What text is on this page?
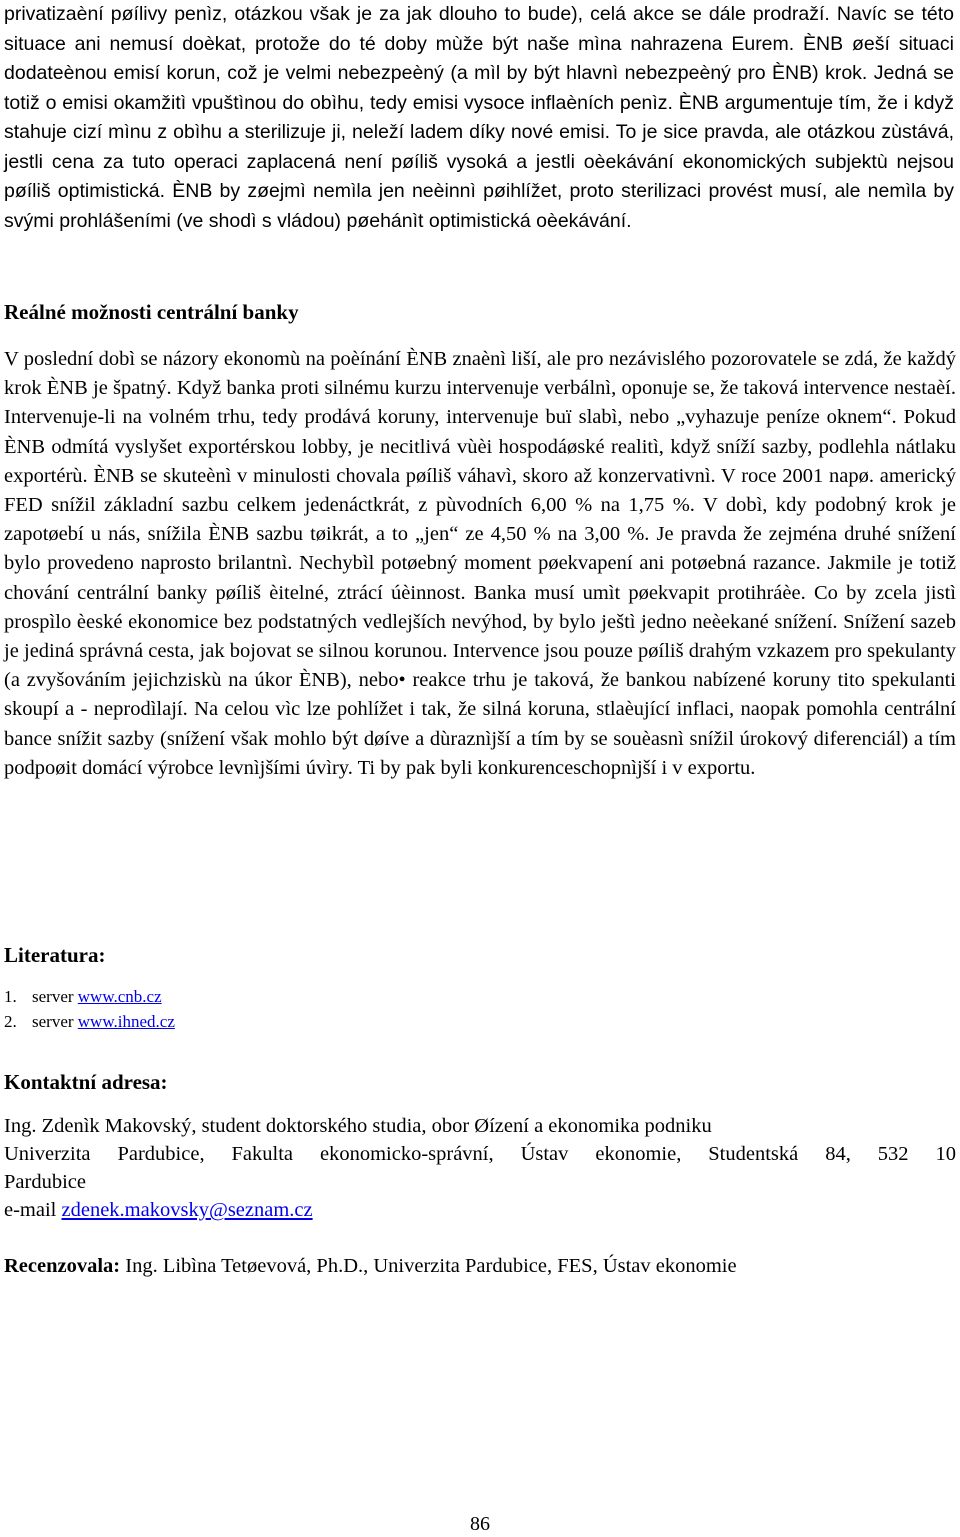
privatizaèní pøílivy penìz, otázkou však je za jak dlouho to bude), celá akce se dále prodraží. Navíc se této situace ani nemusí doèkat, protože do té doby mùže být naše mìna nahrazena Eurem. ÈNB øeší situaci dodateènou emisí korun, což je velmi nebezpeèný (a mìl by být hlavnì nebezpeèný pro ÈNB) krok. Jedná se totiž o emisi okamžitì vpuštìnou do obìhu, tedy emisi vysoce inflaèních penìz. ÈNB argumentuje tím, že i když stahuje cizí mìnu z obìhu a sterilizuje ji, neleží ladem díky nové emisi. To je sice pravda, ale otázkou zùstává, jestli cena za tuto operaci zaplacená není pøíliš vysoká a jestli oèekávání ekonomických subjektù nejsou pøíliš optimistická. ÈNB by zøejmì nemìla jen neèinnì pøihlížet, proto sterilizaci provést musí, ale nemìla by svými prohlášeními (ve shodì s vládou) pøehánìt optimistická oèekávání.

Reálné možnosti centrální banky

V poslední dobì se názory ekonomù na poèínání ÈNB znaènì liší, ale pro nezávislého pozorovatele se zdá, že každý krok ÈNB je špatný. Když banka proti silnému kurzu intervenuje verbálnì, oponuje se, že taková intervence nestaèí. Intervenuje-li na volném trhu, tedy prodává koruny, intervenuje buï slabì, nebo „vyhazuje peníze oknem“. Pokud ÈNB odmítá vyslyšet exportérskou lobby, je necitlivá vùèi hospodáøské realitì, když sníží sazby, podlehla nátlaku exportérù. ÈNB se skuteènì v minulosti chovala pøíliš váhavì, skoro až konzervativnì. V roce 2001 napø. americký FED snížil základní sazbu celkem jedenáctkrát, z pùvodních 6,00 % na 1,75 %. V dobì, kdy podobný krok je zapotøebí u nás, snížila ÈNB sazbu tøikrát, a to „jen“ ze 4,50 % na 3,00 %. Je pravda že zejména druhé snížení bylo provedeno naprosto brilantnì. Nechybìl potøebný moment pøekvapení ani potøebná razance. Jakmile je totiž chování centrální banky pøíliš èitelné, ztrácí úèinnost. Banka musí umìt pøekvapit protihráèe. Co by zcela jistì prospìlo èeské ekonomice bez podstatných vedlejších nevýhod, by bylo ještì jedno neèekané snížení. Snížení sazeb je jediná správná cesta, jak bojovat se silnou korunou. Intervence jsou pouze pøíliš drahým vzkazem pro spekulanty (a zvyšováním jejichziskù na úkor ÈNB), nebo• reakce trhu je taková, že bankou nabízené koruny tito spekulanti skoupí a - neprodìlají. Na celou vìc lze pohlížet i tak, že silná koruna, stlaèující inflaci, naopak pomohla centrální bance snížit sazby (snížení však mohlo být døíve a dùraznìjší a tím by se souèasnì snížil úrokový diferenciál) a tím podpoøit domácí výrobce levnìjšími úvìry. Ti by pak byli konkurenceschopnìjší i v exportu.

Literatura:
1. server www.cnb.cz
2. server www.ihned.cz
Kontaktní adresa:
Ing. Zdenìk Makovský, student doktorského studia, obor Øízení a ekonomika podniku
Univerzita Pardubice, Fakulta ekonomicko-správní, Ústav ekonomie, Studentská 84, 532 10
Pardubice
e-mail zdenek.makovsky@seznam.cz

Recenzovala: Ing. Libìna Tetøevová, Ph.D., Univerzita Pardubice, FES, Ústav ekonomie

86
